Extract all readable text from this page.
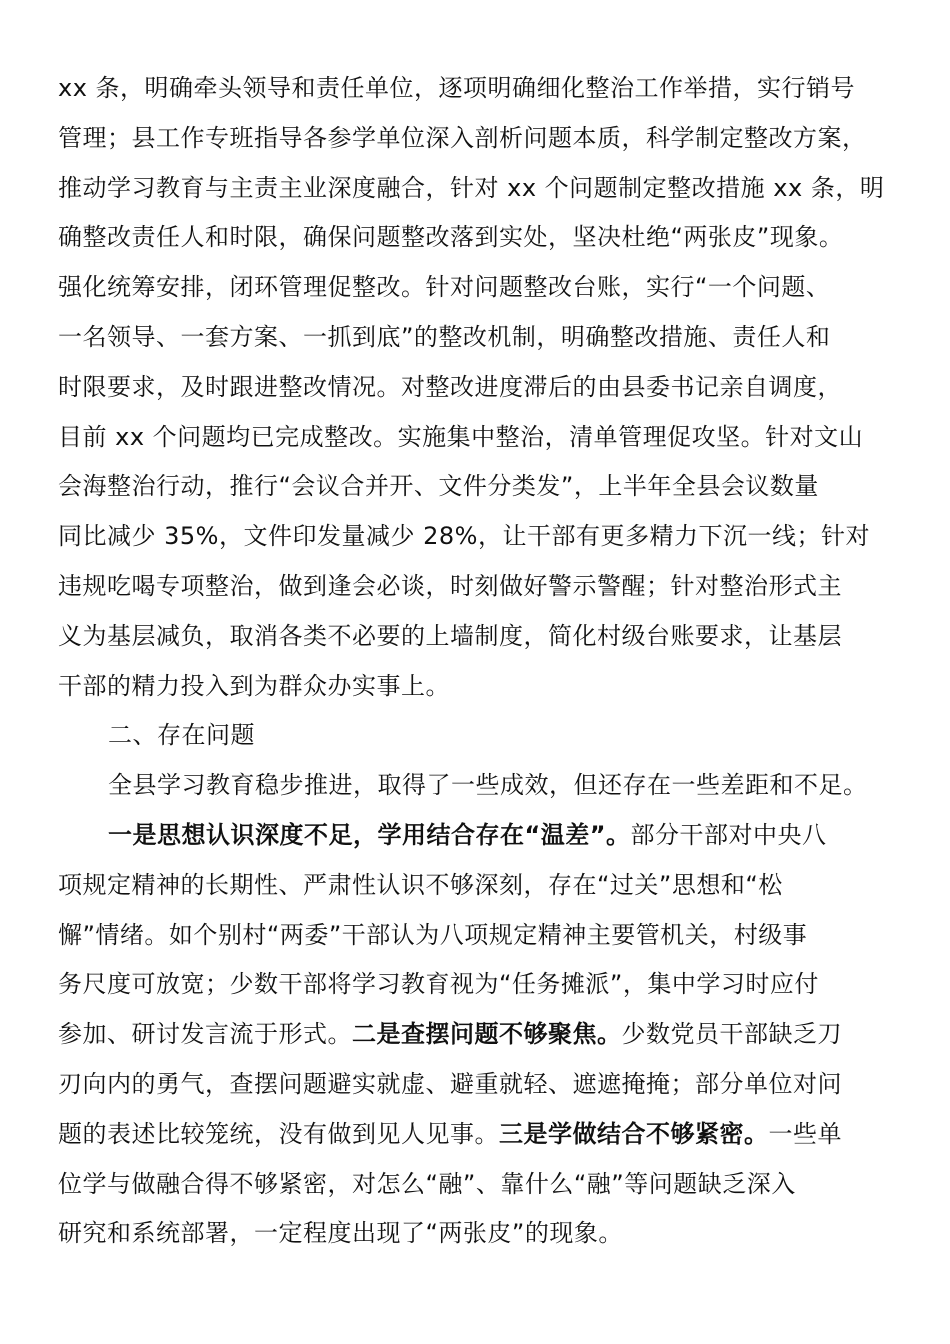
xx 条，明确牵头领导和责任单位，逐项明确细化整治工作举措，实行销号
管理；县工作专班指导各参学单位深入剖析问题本质，科学制定整改方案，
推动学习教育与主责主业深度融合，针对 xx 个问题制定整改措施 xx 条，明
确整改责任人和时限，确保问题整改落到实处，坚决杜绝“两张皮”现象。
强化统筹安排，闭环管理促整改。针对问题整改台账，实行“一个问题、
一名领导、一套方案、一抓到底”的整改机制，明确整改措施、责任人和
时限要求，及时跟进整改情况。对整改进度滞后的由县委书记亲自调度，
目前 xx 个问题均已完成整改。实施集中整治，清单管理促攻坚。针对文山
会海整治行动，推行“会议合并开、文件分类发”，上半年全县会议数量
同比减少 35%，文件印发量减少 28%，让干部有更多精力下沉一线；针对
违规吃喝专项整治，做到逢会必谈，时刻做好警示警醒；针对整治形式主
义为基层减负，取消各类不必要的上墙制度，简化村级台账要求，让基层
干部的精力投入到为群众办实事上。
二、存在问题
全县学习教育稳步推进，取得了一些成效，但还存在一些差距和不足。
一是思想认识深度不足，学用结合存在“温差”。部分干部对中央八
项规定精神的长期性、严肃性认识不够深刻，存在“过关”思想和“松
懈”情绪。如个别村“两委”干部认为八项规定精神主要管机关，村级事
务尺度可放宽；少数干部将学习教育视为“任务摊派”，集中学习时应付
参加、研讨发言流于形式。二是查摆问题不够聚焦。少数党员干部缺乏刀
刃向内的勇气，查摆问题避实就虚、避重就轻、遮遮掩掩；部分单位对问
题的表述比较笼统，没有做到见人见事。三是学做结合不够紧密。一些单
位学与做融合得不够紧密，对怎么“融”、靠什么“融”等问题缺乏深入
研究和系统部署，一定程度出现了“两张皮”的现象。
